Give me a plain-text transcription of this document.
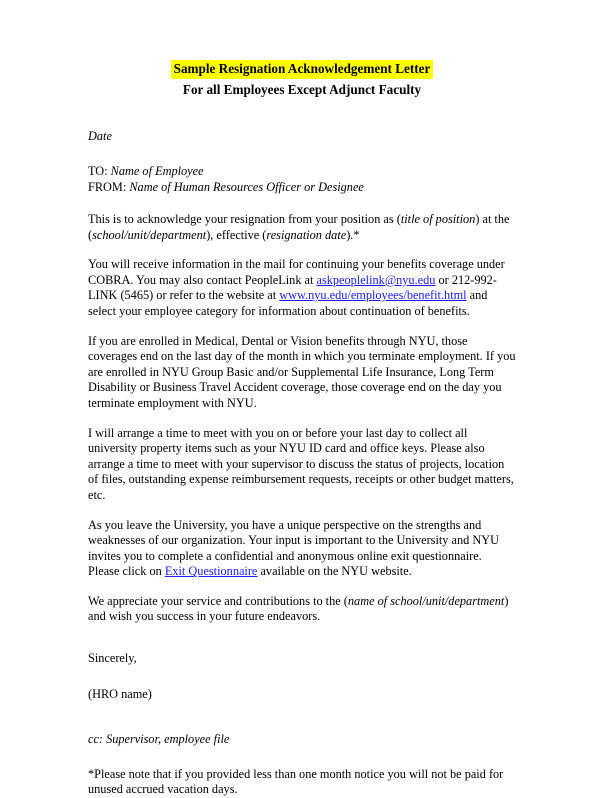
Sample Resignation Acknowledgement Letter
For all Employees Except Adjunct Faculty
Date
TO: Name of Employee
FROM: Name of Human Resources Officer or Designee

This is to acknowledge your resignation from your position as (title of position) at the (school/unit/department), effective (resignation date).*

You will receive information in the mail for continuing your benefits coverage under COBRA. You may also contact PeopleLink at askpeoplelink@nyu.edu or 212-992-LINK (5465) or refer to the website at www.nyu.edu/employees/benefit.html and select your employee category for information about continuation of benefits.

If you are enrolled in Medical, Dental or Vision benefits through NYU, those coverages end on the last day of the month in which you terminate employment. If you are enrolled in NYU Group Basic and/or Supplemental Life Insurance, Long Term Disability or Business Travel Accident coverage, those coverage end on the day you terminate employment with NYU.

I will arrange a time to meet with you on or before your last day to collect all university property items such as your NYU ID card and office keys. Please also arrange a time to meet with your supervisor to discuss the status of projects, location of files, outstanding expense reimbursement requests, receipts or other budget matters, etc.

As you leave the University, you have a unique perspective on the strengths and weaknesses of our organization. Your input is important to the University and NYU invites you to complete a confidential and anonymous online exit questionnaire. Please click on Exit Questionnaire available on the NYU website.

We appreciate your service and contributions to the (name of school/unit/department) and wish you success in your future endeavors.

Sincerely,

(HRO name)

cc: Supervisor, employee file

*Please note that if you provided less than one month notice you will not be paid for unused accrued vacation days.
